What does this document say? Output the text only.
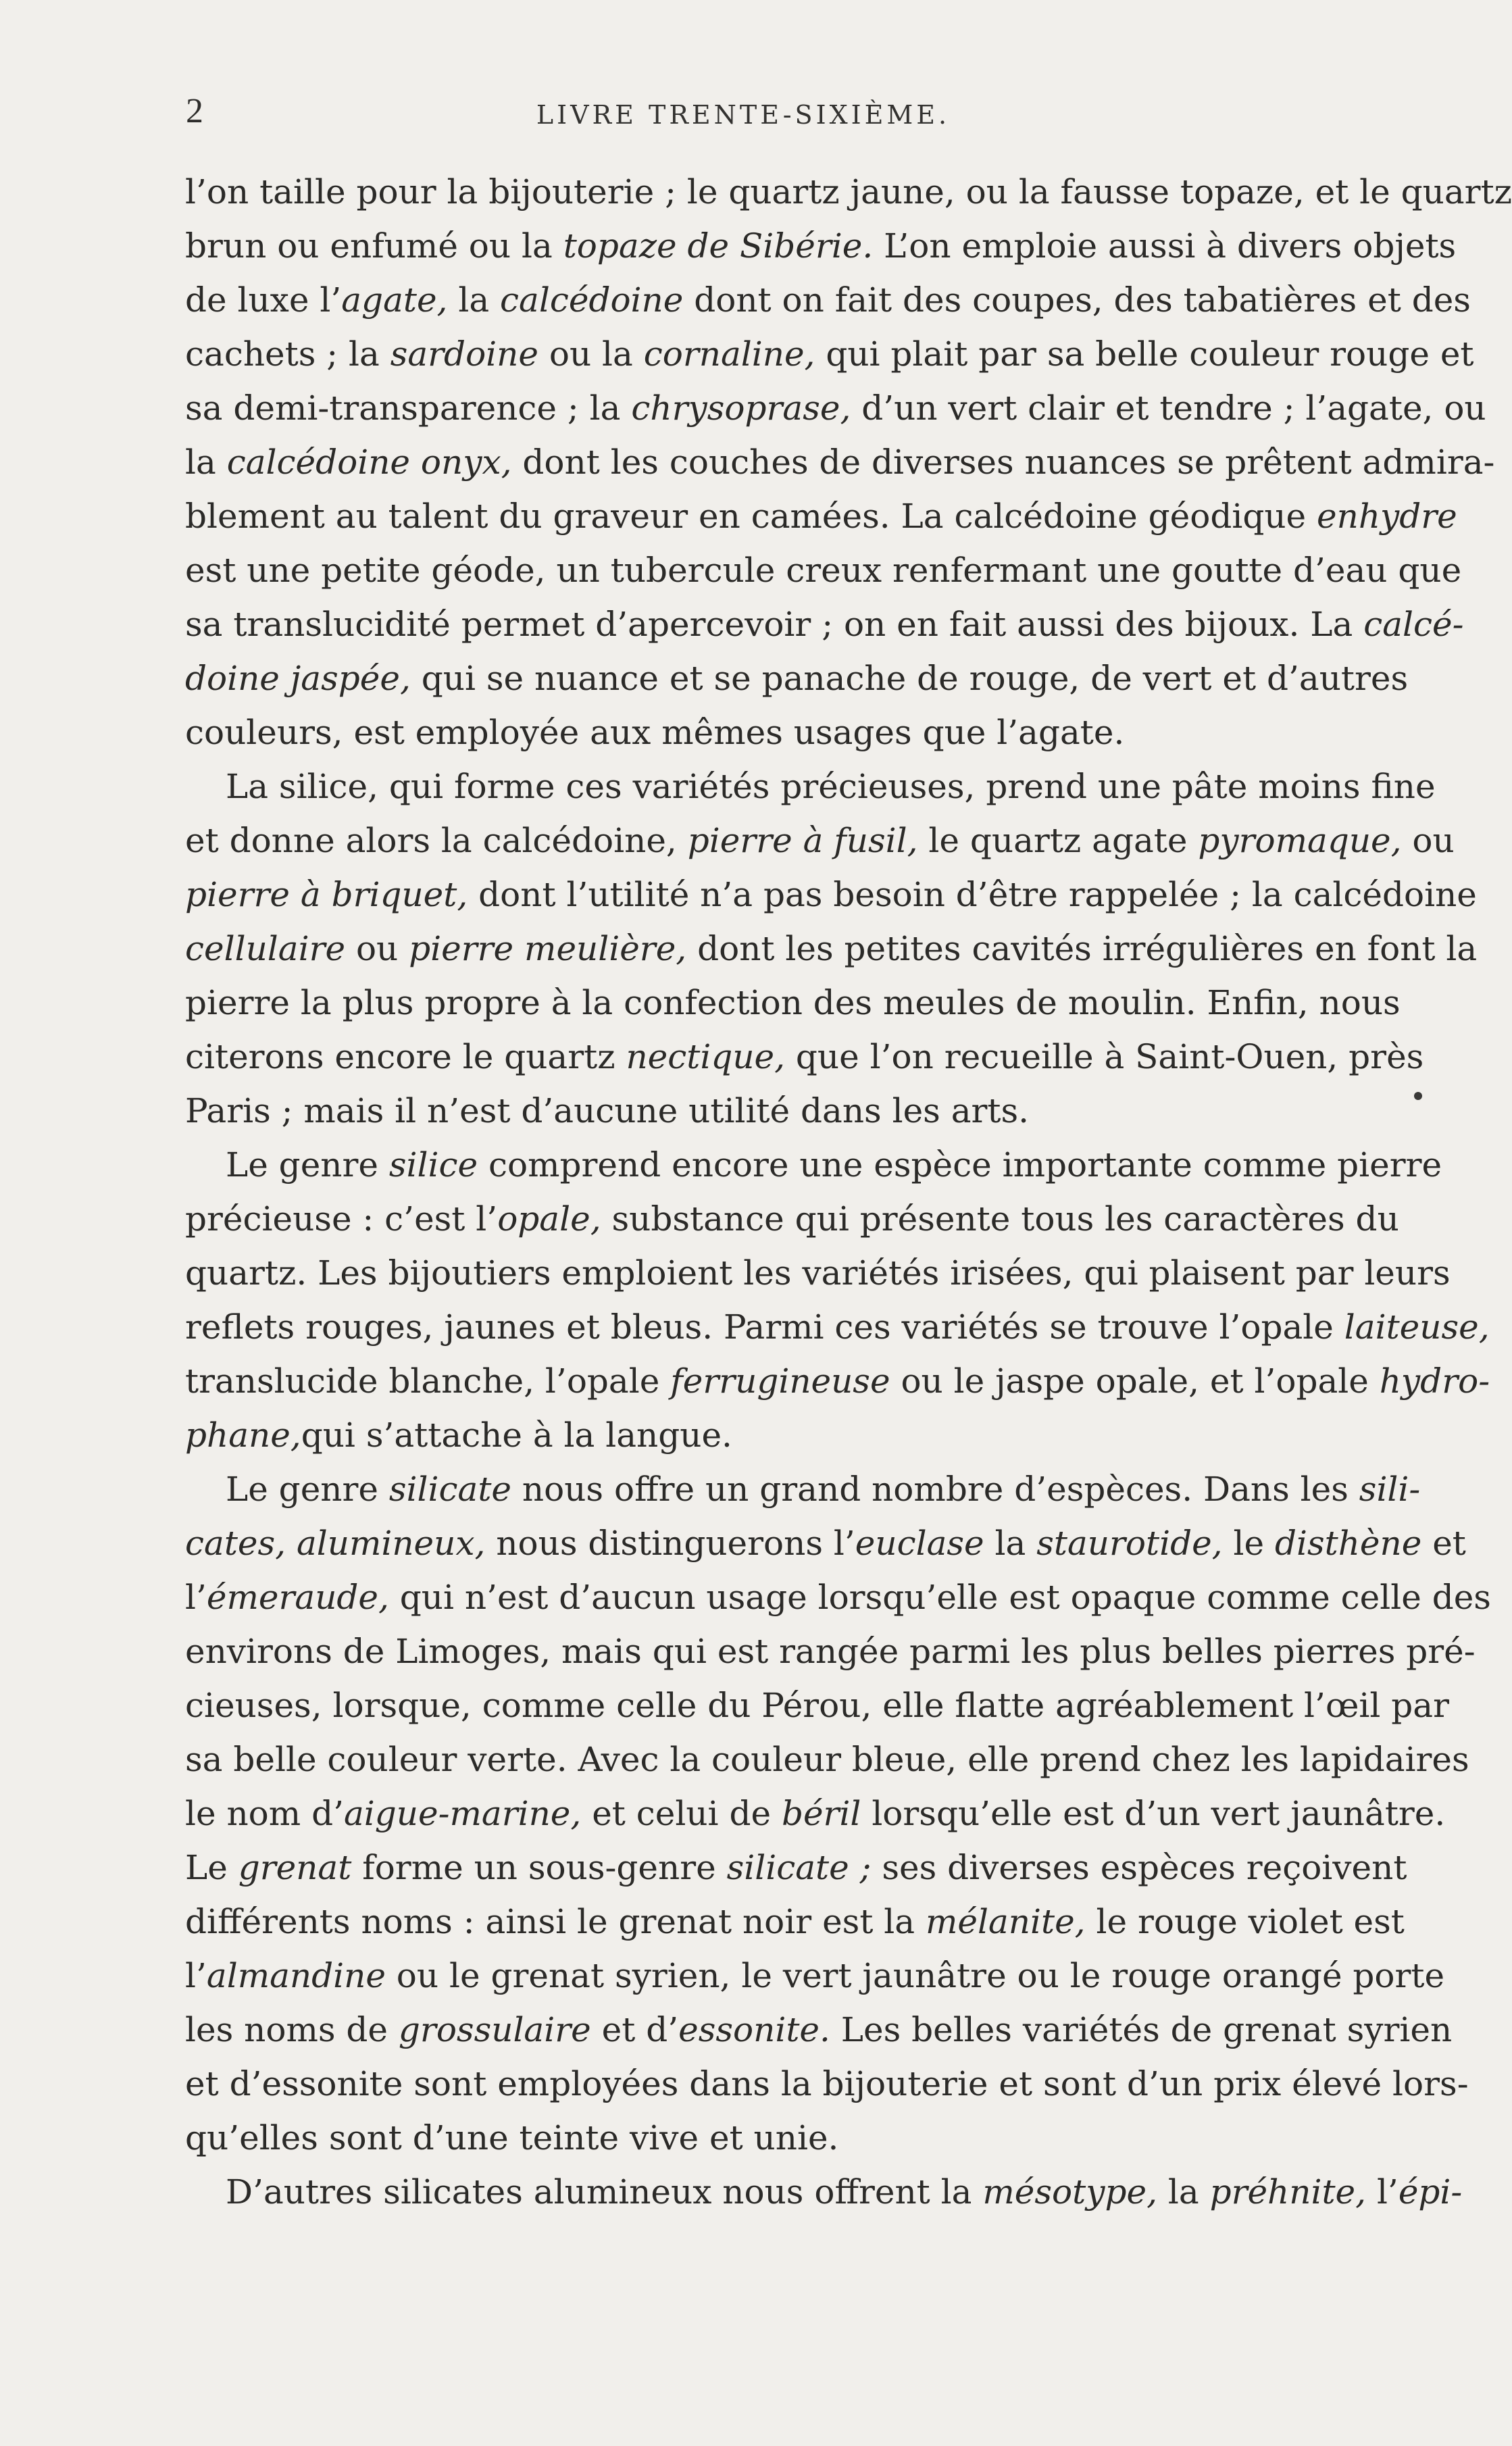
2	LIVRE TRENTE-SIXIÈME.
l’on taille pour la bijouterie ; le quartz jaune, ou la fausse topaze, et le quartz
brun ou enfumé ou la topaze de Sibérie. L’on emploie aussi à divers objets
de luxe l’agate, la calcédoine dont on fait des coupes, des tabatières et des
cachets ; la sardoine ou la cornaline, qui plait par sa belle couleur rouge et
sa demi-transparence ; la chrysoprase, d’un vert clair et tendre ; l’agate, ou
la calcédoine onyx, dont les couches de diverses nuances se prêtent admira-
blement au talent du graveur en camées. La calcédoine géodique enhydre
est une petite géode, un tubercule creux renfermant une goutte d’eau que
sa translucidité permet d’apercevoir ; on en fait aussi des bijoux. La calcé-
doine jaspée, qui se nuance et se panache de rouge, de vert et d’autres
couleurs, est employée aux mêmes usages que l’agate.
La silice, qui forme ces variétés précieuses, prend une pâte moins fine
et donne alors la calcédoine, pierre à fusil, le quartz agate pyromaque, ou
pierre à briquet, dont l’utilité n’a pas besoin d’être rappelée ; la calcédoine
cellulaire ou pierre meulière, dont les petites cavités irrégulières en font la
pierre la plus propre à la confection des meules de moulin. Enfin, nous
citerons encore le quartz nectique, que l’on recueille à Saint-Ouen, près
Paris ; mais il n’est d’aucune utilité dans les arts.
Le genre silice comprend encore une espèce importante comme pierre
précieuse : c’est l’opale, substance qui présente tous les caractères du
quartz. Les bijoutiers emploient les variétés irisées, qui plaisent par leurs
reflets rouges, jaunes et bleus. Parmi ces variétés se trouve l’opale laiteuse,
translucide blanche, l’opale ferrugineuse ou le jaspe opale, et l’opale hydro-
phane,qui s’attache à la langue.
Le genre silicate nous offre un grand nombre d’espèces. Dans les sili-
cates, alumineux, nous distinguerons l’euclase la staurotide, le disthène et
l’émeraude, qui n’est d’aucun usage lorsqu’elle est opaque comme celle des
environs de Limoges, mais qui est rangée parmi les plus belles pierres pré-
cieuses, lorsque, comme celle du Pérou, elle flatte agréablement l’œil par
sa belle couleur verte. Avec la couleur bleue, elle prend chez les lapidaires
le nom d’aigue-marine, et celui de béril lorsqu’elle est d’un vert jaunâtre.
Le grenat forme un sous-genre silicate ; ses diverses espèces reçoivent
différents noms : ainsi le grenat noir est la mélanite, le rouge violet est
l’almandine ou le grenat syrien, le vert jaunâtre ou le rouge orangé porte
les noms de grossulaire et d’essonite. Les belles variétés de grenat syrien
et d’essonite sont employées dans la bijouterie et sont d’un prix élevé lors-
qu’elles sont d’une teinte vive et unie.
D’autres silicates alumineux nous offrent la mésotype, la préhnite, l’épi-
